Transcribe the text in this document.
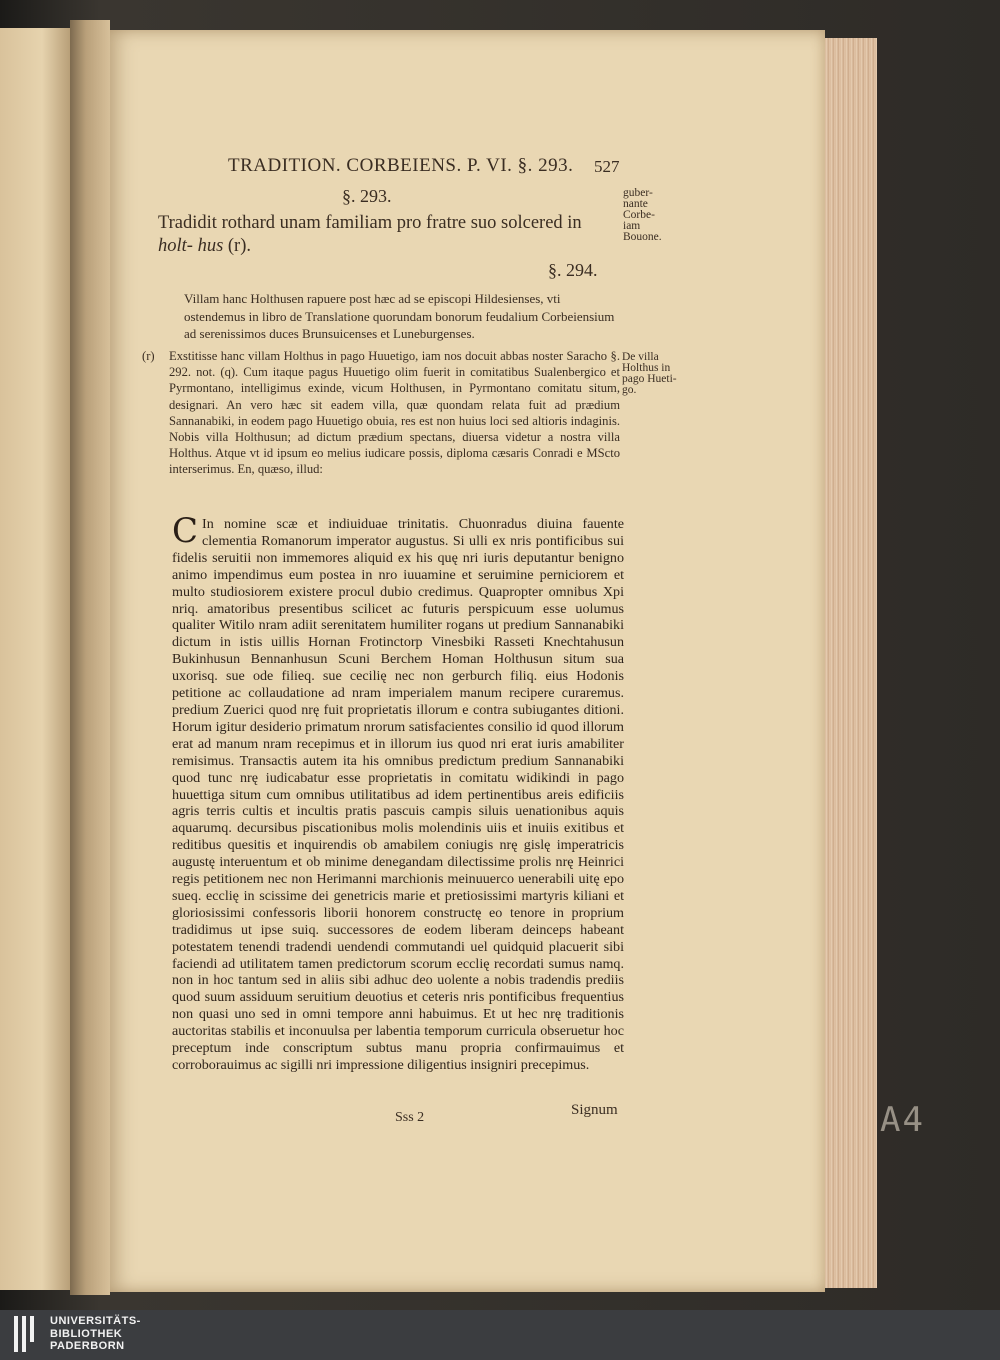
A4
TRADITION. CORBEIENS. P. VI. §. 293.	527
§. 293.
Tradidit rothard unam familiam pro fratre suo solcered in holt- hus (r).
guber- nante Corbe- iam Bouone.
§. 294.
Villam hanc Holthusen rapuere post hæc ad se episcopi Hildesienses, vti ostendemus in libro de Translatione quorundam bonorum feudalium Corbeiensium ad serenissimos duces Brunsuicenses et Luneburgenses.
(r)	Exstitisse hanc villam Holthus in pago Huuetigo, iam nos docuit abbas noster Saracho §. 292. not. (q). Cum itaque pagus Huuetigo olim fuerit in comitatibus Sualenbergico et Pyrmontano, intelligimus exinde, vicum Holthusen, in Pyrmontano comitatu situm, designari. An vero hæc sit eadem villa, quæ quondam relata fuit ad prædium Sannanabiki, in eodem pago Huuetigo obuia, res est non huius loci sed altioris indaginis. Nobis villa Holthusun; ad dictum prædium spectans, diuersa videtur a nostra villa Holthus. Atque vt id ipsum eo melius iudicare possis, diploma cæsaris Conradi e MScto interserimus. En, quæso, illud:

De villa Holthus in pago Hueti- go.
C In nomine scæ et indiuiduae trinitatis. Chuonradus diuina fauente clementia Romanorum imperator augustus. Si ulli ex nris pontificibus sui fidelis seruitii non immemores aliquid ex his quę nri iuris deputantur benigno animo impendimus eum postea in nro iuuamine et seruimine perniciorem et multo studiosiorem existere procul dubio credimus. Quapropter omnibus Xpi nriq. amatoribus presentibus scilicet ac futuris perspicuum esse uolumus qualiter Witilo nram adiit serenitatem humiliter rogans ut predium Sannanabiki dictum in istis uillis Hornan Frotinctorp Vinesbiki Rasseti Knechtahusun Bukinhusun Bennanhusun Scuni Berchem Homan Holthusun situm sua uxorisq. sue ode filieq. sue cecilię nec non gerburch filiq. eius Hodonis petitione ac collaudatione ad nram imperialem manum recipere curaremus. predium Zuerici quod nrę fuit proprietatis illorum e contra subiugantes ditioni. Horum igitur desiderio primatum nrorum satisfacientes consilio id quod illorum erat ad manum nram recepimus et in illorum ius quod nri erat iuris amabiliter remisimus. Transactis autem ita his omnibus predictum predium Sannanabiki quod tunc nrę iudicabatur esse proprietatis in comitatu widikindi in pago huuettiga situm cum omnibus utilitatibus ad idem pertinentibus areis edificiis agris terris cultis et incultis pratis pascuis campis siluis uenationibus aquis aquarumq. decursibus piscationibus molis molendinis uiis et inuiis exitibus et reditibus quesitis et inquirendis ob amabilem coniugis nrę gislę imperatricis augustę interuentum et ob minime denegandam dilectissime prolis nrę Heinrici regis petitionem nec non Herimanni marchionis meinuuerco uenerabili uitę epo sueq. ecclię in scissime dei genetricis marie et pretiosissimi martyris kiliani et gloriosissimi confessoris liborii honorem constructę eo tenore in proprium tradidimus ut ipse suiq. successores de eodem liberam deinceps habeant potestatem tenendi tradendi uendendi commutandi uel quidquid placuerit sibi faciendi ad utilitatem tamen predictorum scorum ecclię recordati sumus namq. non in hoc tantum sed in aliis sibi adhuc deo uolente a nobis tradendis prediis quod suum assiduum seruitium deuotius et ceteris nris pontificibus frequentius non quasi uno sed in omni tempore anni habuimus. Et ut hec nrę traditionis auctoritas stabilis et inconuulsa per labentia temporum curricula obseruetur hoc preceptum inde conscriptum subtus manu propria confirmauimus et corroborauimus ac sigilli nri impressione diligentius insigniri precepimus.
Sss 2	Signum
UNIVERSITÄTS-
BIBLIOTHEK
PADERBORN
